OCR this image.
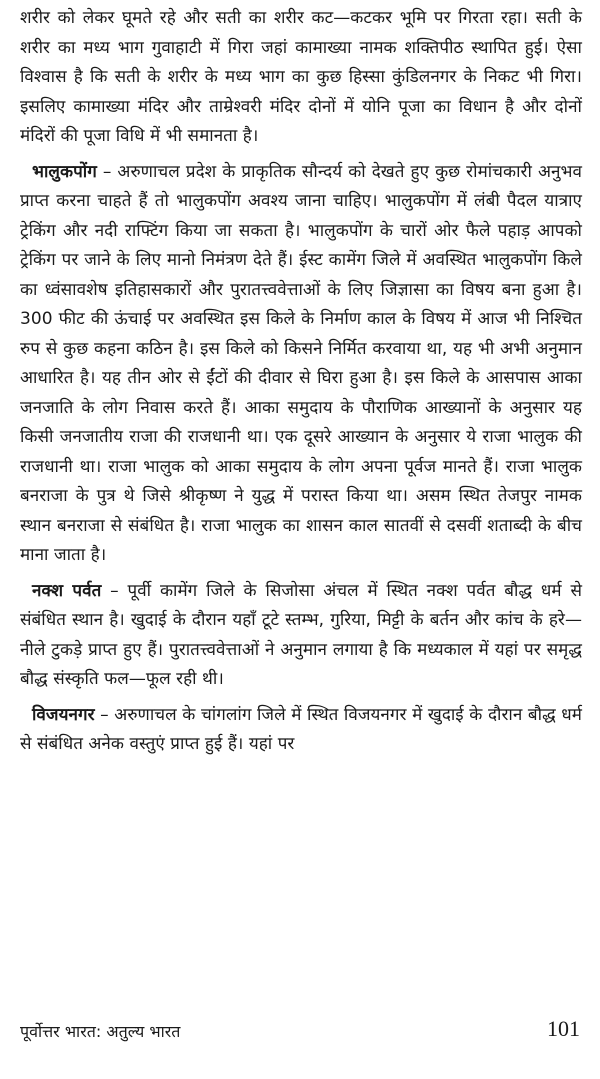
शरीर को लेकर घूमते रहे और सती का शरीर कट—कटकर भूमि पर गिरता रहा। सती के शरीर का मध्य भाग गुवाहाटी में गिरा जहां कामाख्या नामक शक्तिपीठ स्थापित हुई। ऐसा विश्वास है कि सती के शरीर के मध्य भाग का कुछ हिस्सा कुंडिलनगर के निकट भी गिरा। इसलिए कामाख्या मंदिर और ताम्रेश्वरी मंदिर दोनों में योनि पूजा का विधान है और दोनों मंदिरों की पूजा विधि में भी समानता है।

भालुकपोंग – अरुणाचल प्रदेश के प्राकृतिक सौन्दर्य को देखते हुए कुछ रोमांचकारी अनुभव प्राप्त करना चाहते हैं तो भालुकपोंग अवश्य जाना चाहिए। भालुकपोंग में लंबी पैदल यात्राए ट्रेकिंग और नदी राफ्टिंग किया जा सकता है। भालुकपोंग के चारों ओर फैले पहाड़ आपको ट्रेकिंग पर जाने के लिए मानो निमंत्रण देते हैं। ईस्ट कामेंग जिले में अवस्थित भालुकपोंग किले का ध्वंसावशेष इतिहासकारों और पुरातत्त्ववेत्ताओं के लिए जिज्ञासा का विषय बना हुआ है। 300 फीट की ऊंचाई पर अवस्थित इस किले के निर्माण काल के विषय में आज भी निश्चित रुप से कुछ कहना कठिन है। इस किले को किसने निर्मित करवाया था, यह भी अभी अनुमान आधारित है। यह तीन ओर से ईंटों की दीवार से घिरा हुआ है। इस किले के आसपास आका जनजाति के लोग निवास करते हैं। आका समुदाय के पौराणिक आख्यानों के अनुसार यह किसी जनजातीय राजा की राजधानी था। एक दूसरे आख्यान के अनुसार ये राजा भालुक की राजधानी था। राजा भालुक को आका समुदाय के लोग अपना पूर्वज मानते हैं। राजा भालुक बनराजा के पुत्र थे जिसे श्रीकृष्ण ने युद्ध में परास्त किया था। असम स्थित तेजपुर नामक स्थान बनराजा से संबंधित है। राजा भालुक का शासन काल सातवीं से दसवीं शताब्दी के बीच माना जाता है।

नक्श पर्वत – पूर्वी कामेंग जिले के सिजोसा अंचल में स्थित नक्श पर्वत बौद्ध धर्म से संबंधित स्थान है। खुदाई के दौरान यहाँ टूटे स्तम्भ, गुरिया, मिट्टी के बर्तन और कांच के हरे—नीले टुकड़े प्राप्त हुए हैं। पुरातत्त्ववेत्ताओं ने अनुमान लगाया है कि मध्यकाल में यहां पर समृद्ध बौद्ध संस्कृति फल—फूल रही थी।

विजयनगर – अरुणाचल के चांगलांग जिले में स्थित विजयनगर में खुदाई के दौरान बौद्ध धर्म से संबंधित अनेक वस्तुएं प्राप्त हुई हैं। यहां पर

पूर्वोत्तर भारत: अतुल्य भारत	101
